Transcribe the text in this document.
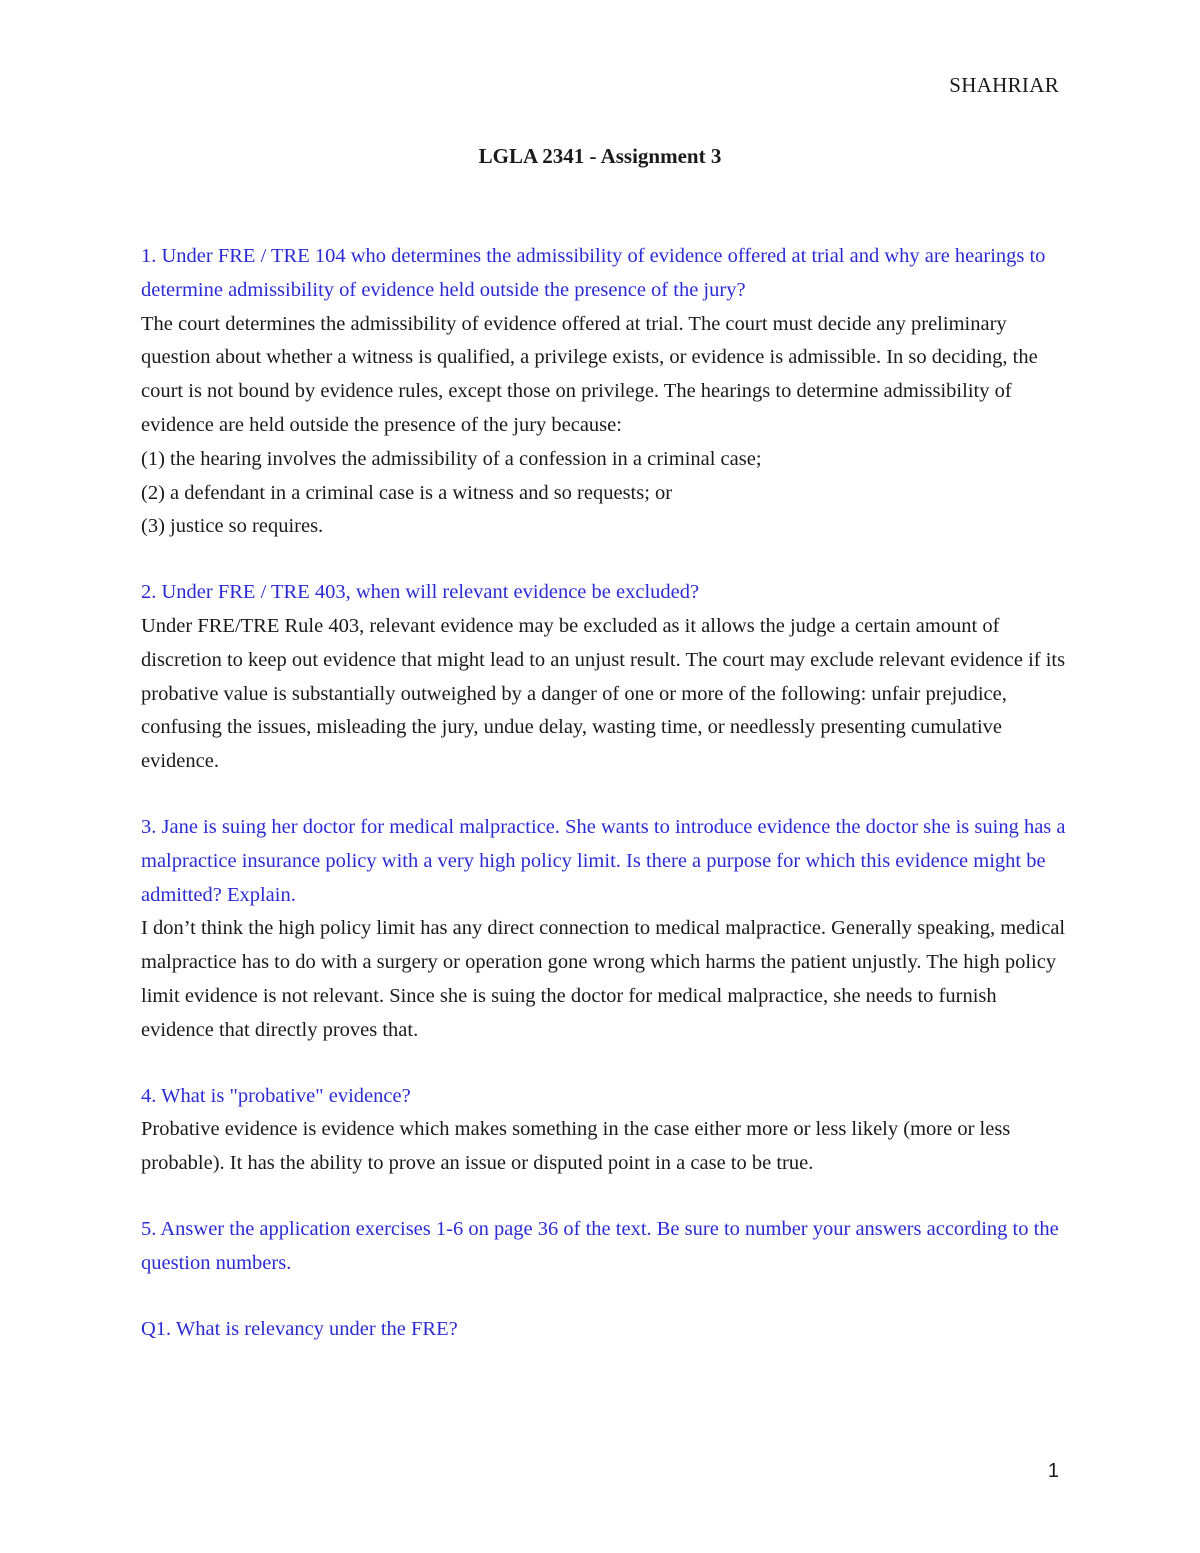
SHAHRIAR
LGLA 2341 - Assignment 3

1. Under FRE / TRE 104 who determines the admissibility of evidence offered at trial and why are hearings to determine admissibility of evidence held outside the presence of the jury?

The court determines the admissibility of evidence offered at trial. The court must decide any preliminary question about whether a witness is qualified, a privilege exists, or evidence is admissible. In so deciding, the court is not bound by evidence rules, except those on privilege. The hearings to determine admissibility of evidence are held outside the presence of the jury because:

(1) the hearing involves the admissibility of a confession in a criminal case;

(2) a defendant in a criminal case is a witness and so requests; or

(3) justice so requires.

2. Under FRE / TRE 403, when will relevant evidence be excluded?

Under FRE/TRE Rule 403, relevant evidence may be excluded as it allows the judge a certain amount of discretion to keep out evidence that might lead to an unjust result. The court may exclude relevant evidence if its probative value is substantially outweighed by a danger of one or more of the following: unfair prejudice, confusing the issues, misleading the jury, undue delay, wasting time, or needlessly presenting cumulative evidence.

3. Jane is suing her doctor for medical malpractice. She wants to introduce evidence the doctor she is suing has a malpractice insurance policy with a very high policy limit. Is there a purpose for which this evidence might be admitted? Explain.

I don’t think the high policy limit has any direct connection to medical malpractice. Generally speaking, medical malpractice has to do with a surgery or operation gone wrong which harms the patient unjustly. The high policy limit evidence is not relevant. Since she is suing the doctor for medical malpractice, she needs to furnish evidence that directly proves that.

4. What is "probative" evidence?

Probative evidence is evidence which makes something in the case either more or less likely (more or less probable). It has the ability to prove an issue or disputed point in a case to be true.

5. Answer the application exercises 1-6 on page 36 of the text. Be sure to number your answers according to the question numbers.

Q1. What is relevancy under the FRE?

1
